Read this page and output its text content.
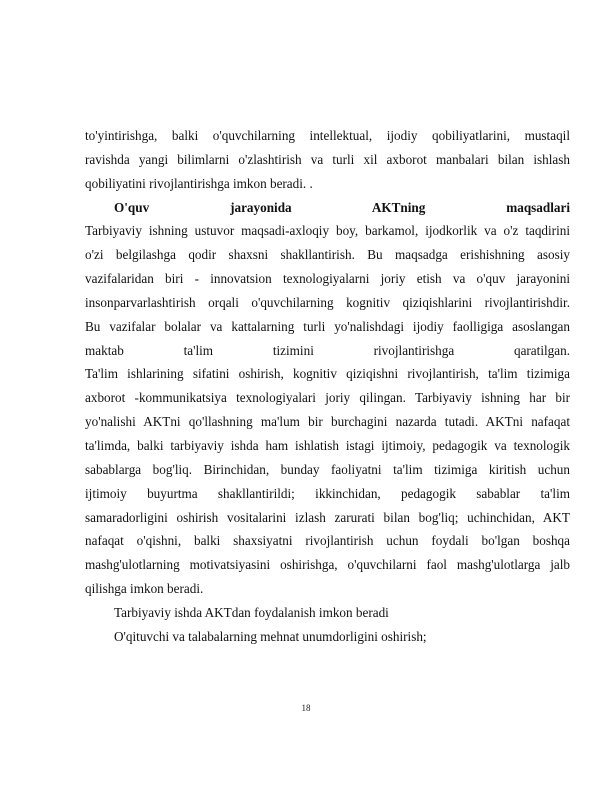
to'yintirishga, balki o'quvchilarning intellektual, ijodiy qobiliyatlarini, mustaqil
ravishda yangi bilimlarni o'zlashtirish va turli xil axborot manbalari bilan ishlash
qobiliyatini rivojlantirishga imkon beradi. .
O'quv jarayonida AKTning maqsadlari
Tarbiyaviy ishning ustuvor maqsadi-axloqiy boy, barkamol, ijodkorlik va o'z taqdirini
o'zi belgilashga qodir shaxsni shakllantirish. Bu maqsadga erishishning asosiy
vazifalaridan biri - innovatsion texnologiyalarni joriy etish va o'quv jarayonini
insonparvarlashtirish orqali o'quvchilarning kognitiv qiziqishlarini rivojlantirishdir.
Bu vazifalar bolalar va kattalarning turli yo'nalishdagi ijodiy faolligiga asoslangan
maktab ta'lim tizimini rivojlantirishga qaratilgan.
Ta'lim ishlarining sifatini oshirish, kognitiv qiziqishni rivojlantirish, ta'lim tizimiga
axborot -kommunikatsiya texnologiyalari joriy qilingan. Tarbiyaviy ishning har bir
yo'nalishi AKTni qo'llashning ma'lum bir burchagini nazarda tutadi. AKTni nafaqat
ta'limda, balki tarbiyaviy ishda ham ishlatish istagi ijtimoiy, pedagogik va texnologik
sabablarga bog'liq. Birinchidan, bunday faoliyatni ta'lim tizimiga kiritish uchun
ijtimoiy buyurtma shakllantirildi; ikkinchidan, pedagogik sabablar ta'lim
samaradorligini oshirish vositalarini izlash zarurati bilan bog'liq; uchinchidan, AKT
nafaqat o'qishni, balki shaxsiyatni rivojlantirish uchun foydali bo'lgan boshqa
mashg'ulotlarning motivatsiyasini oshirishga, o'quvchilarni faol mashg'ulotlarga jalb
qilishga imkon beradi.
Tarbiyaviy ishda AKTdan foydalanish imkon beradi
O'qituvchi va talabalarning mehnat unumdorligini oshirish;
18
